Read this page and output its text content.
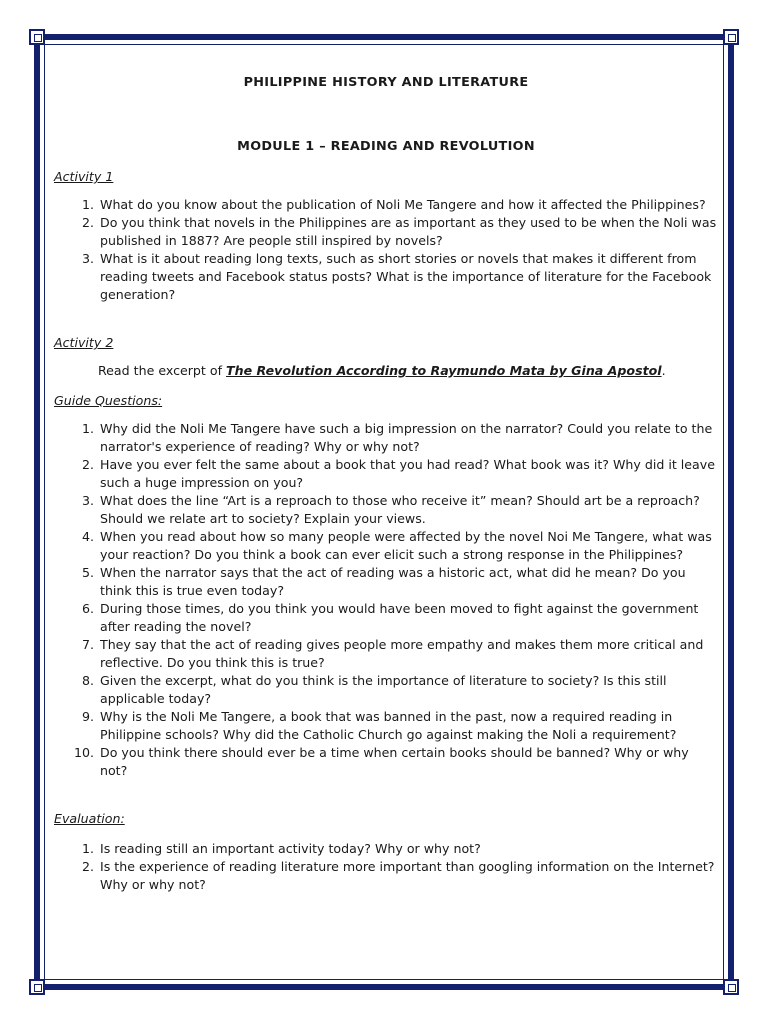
PHILIPPINE HISTORY AND LITERATURE

MODULE 1 – READING AND REVOLUTION

Activity 1

1. What do you know about the publication of Noli Me Tangere and how it affected the Philippines?
2. Do you think that novels in the Philippines are as important as they used to be when the Noli was published in 1887? Are people still inspired by novels?
3. What is it about reading long texts, such as short stories or novels that makes it different from reading tweets and Facebook status posts? What is the importance of literature for the Facebook generation?

Activity 2

Read the excerpt of The Revolution According to Raymundo Mata by Gina Apostol.

Guide Questions:

1. Why did the Noli Me Tangere have such a big impression on the narrator? Could you relate to the narrator's experience of reading? Why or why not?
2. Have you ever felt the same about a book that you had read? What book was it? Why did it leave such a huge impression on you?
3. What does the line “Art is a reproach to those who receive it” mean? Should art be a reproach? Should we relate art to society? Explain your views.
4. When you read about how so many people were affected by the novel Noi Me Tangere, what was your reaction? Do you think a book can ever elicit such a strong response in the Philippines?
5. When the narrator says that the act of reading was a historic act, what did he mean? Do you think this is true even today?
6. During those times, do you think you would have been moved to fight against the government after reading the novel?
7. They say that the act of reading gives people more empathy and makes them more critical and reflective. Do you think this is true?
8. Given the excerpt, what do you think is the importance of literature to society? Is this still applicable today?
9. Why is the Noli Me Tangere, a book that was banned in the past, now a required reading in Philippine schools? Why did the Catholic Church go against making the Noli a requirement?
10. Do you think there should ever be a time when certain books should be banned? Why or why not?

Evaluation:

1. Is reading still an important activity today? Why or why not?
2. Is the experience of reading literature more important than googling information on the Internet? Why or why not?
